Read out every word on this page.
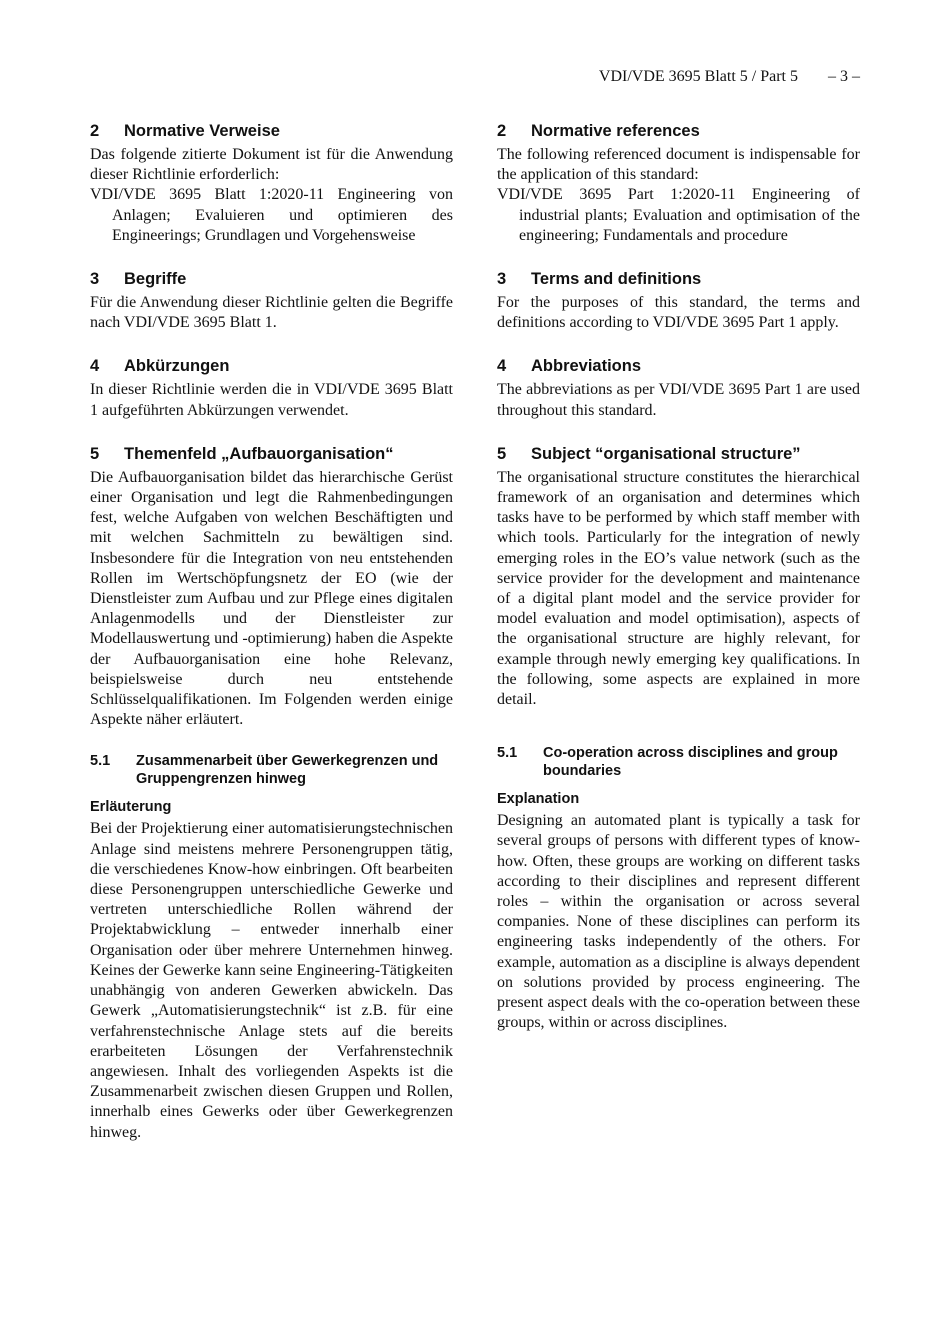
VDI/VDE 3695 Blatt 5 / Part 5 – 3 –
2	Normative Verweise

Das folgende zitierte Dokument ist für die Anwendung dieser Richtlinie erforderlich:

VDI/VDE 3695 Blatt 1:2020-11 Engineering von Anlagen; Evaluieren und optimieren des Engineerings; Grundlagen und Vorgehensweise

3	Begriffe

Für die Anwendung dieser Richtlinie gelten die Begriffe nach VDI/VDE 3695 Blatt 1.

4	Abkürzungen

In dieser Richtlinie werden die in VDI/VDE 3695 Blatt 1 aufgeführten Abkürzungen verwendet.

5	Themenfeld „Aufbauorganisation“

Die Aufbauorganisation bildet das hierarchische Gerüst einer Organisation und legt die Rahmenbedingungen fest, welche Aufgaben von welchen Beschäftigten und mit welchen Sachmitteln zu bewältigen sind. Insbesondere für die Integration von neu entstehenden Rollen im Wertschöpfungsnetz der EO (wie der Dienstleister zum Aufbau und zur Pflege eines digitalen Anlagenmodells und der Dienstleister zur Modellauswertung und -optimierung) haben die Aspekte der Aufbauorganisation eine hohe Relevanz, beispielsweise durch neu entstehende Schlüsselqualifikationen. Im Folgenden werden einige Aspekte näher erläutert.

5.1	Zusammenarbeit über Gewerkegrenzen und Gruppengrenzen hinweg
Erläuterung

Bei der Projektierung einer automatisierungstechnischen Anlage sind meistens mehrere Personengruppen tätig, die verschiedenes Know-how einbringen. Oft bearbeiten diese Personengruppen unterschiedliche Gewerke und vertreten unterschiedliche Rollen während der Projektabwicklung – entweder innerhalb einer Organisation oder über mehrere Unternehmen hinweg. Keines der Gewerke kann seine Engineering-Tätigkeiten unabhängig von anderen Gewerken abwickeln. Das Gewerk „Automatisierungstechnik“ ist z.B. für eine verfahrenstechnische Anlage stets auf die bereits erarbeiteten Lösungen der Verfahrenstechnik angewiesen. Inhalt des vorliegenden Aspekts ist die Zusammenarbeit zwischen diesen Gruppen und Rollen, innerhalb eines Gewerks oder über Gewerkegrenzen hinweg.

2	Normative references

The following referenced document is indispensable for the application of this standard:

VDI/VDE 3695 Part 1:2020-11 Engineering of industrial plants; Evaluation and optimisation of the engineering; Fundamentals and procedure

3	Terms and definitions

For the purposes of this standard, the terms and definitions according to VDI/VDE 3695 Part 1 apply.

4	Abbreviations

The abbreviations as per VDI/VDE 3695 Part 1 are used throughout this standard.

5	Subject “organisational structure”

The organisational structure constitutes the hierarchical framework of an organisation and determines which tasks have to be performed by which staff member with which tools. Particularly for the integration of newly emerging roles in the EO’s value network (such as the service provider for the development and maintenance of a digital plant model and the service provider for model evaluation and model optimisation), aspects of the organisational structure are highly relevant, for example through newly emerging key qualifications. In the following, some aspects are explained in more detail.

5.1	Co-operation across disciplines and group boundaries
Explanation

Designing an automated plant is typically a task for several groups of persons with different types of know-how. Often, these groups are working on different tasks according to their disciplines and represent different roles – within the organisation or across several companies. None of these disciplines can perform its engineering tasks independently of the others. For example, automation as a discipline is always dependent on solutions provided by process engineering. The present aspect deals with the co-operation between these groups, within or across disciplines.
